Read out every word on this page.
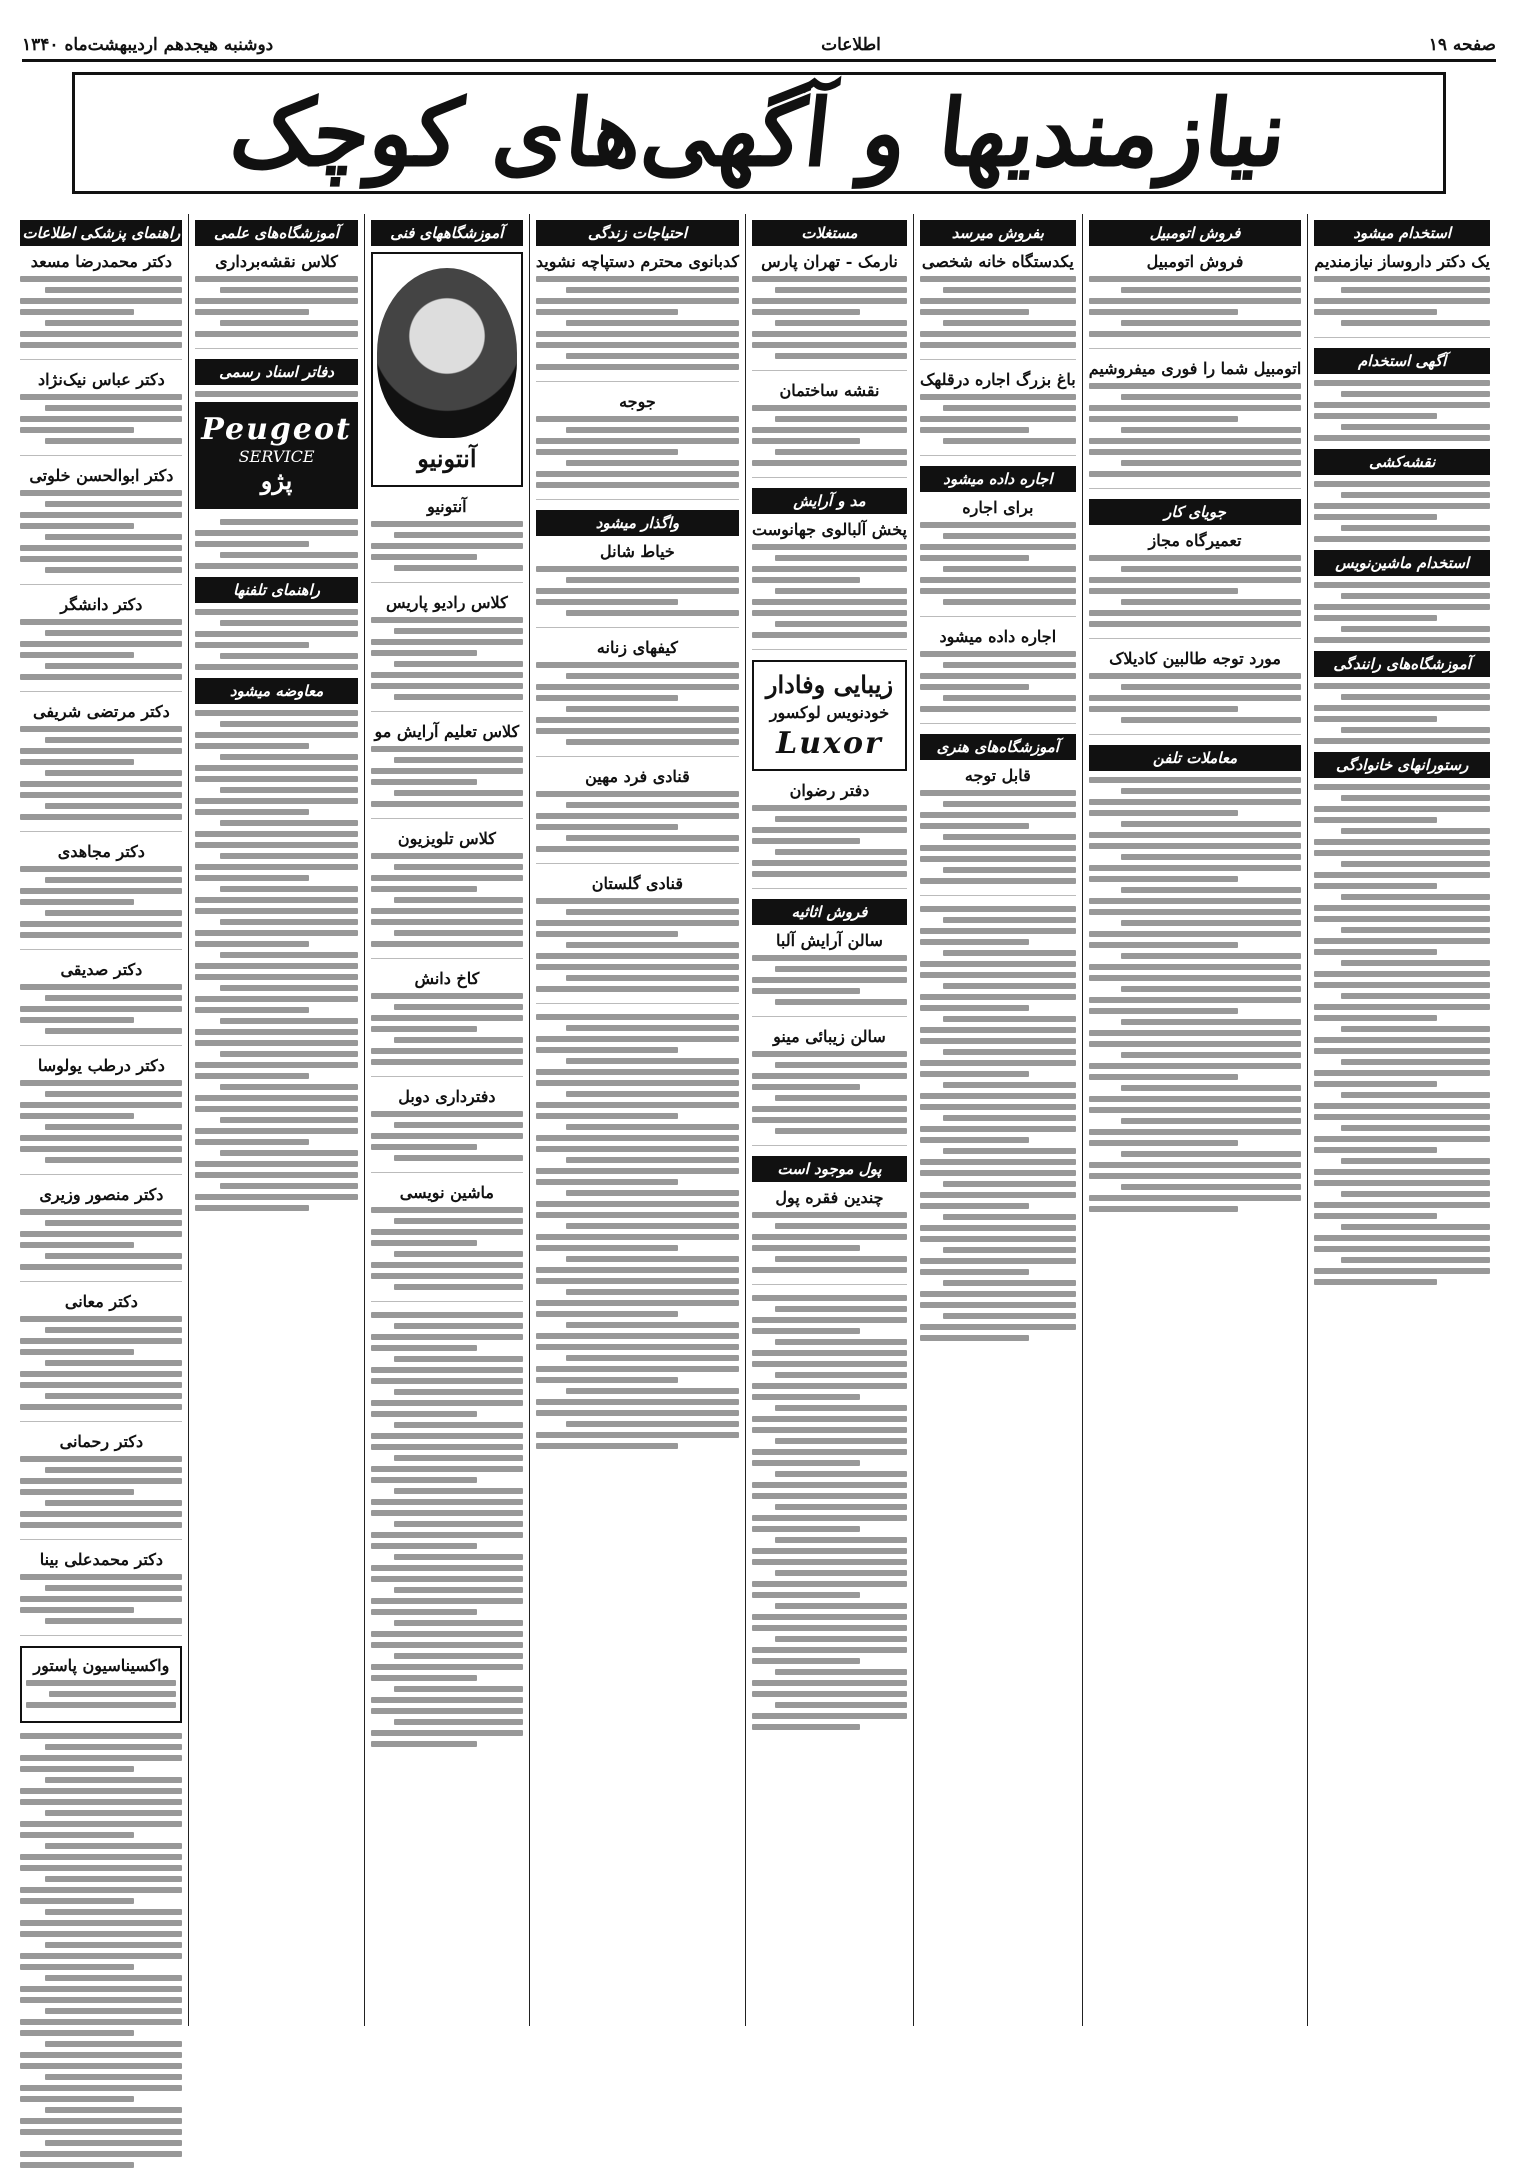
صفحه ۱۹
اطلاعات
دوشنبه هیجدهم اردیبهشت‌ماه ۱۳۴۰
نیازمندیها و آگهی‌های کوچک
استخدام میشود
یک دکتر داروساز نیازمندیم
آگهی استخدام
نقشه‌کشی
استخدام ماشین‌نویس
آموزشگاه‌های رانندگی
رستورانهای خانوادگی
فروش اتومبیل
فروش اتومبیل
اتومبیل شما را فوری میفروشیم
جویای کار
تعمیرگاه مجاز
مورد توجه طالبین کادیلاک
معاملات تلفن
بفروش میرسد
یکدستگاه خانه شخصی
باغ بزرگ اجاره درقلهک
اجاره داده میشود
برای اجاره
اجاره داده میشود
آموزشگاه‌های هنری
قابل توجه
مستغلات
نارمک - تهران پارس
نقشه ساختمان
مد و آرایش
پخش آلبالوی جهانوست
زیبایی وفادار
خودنویس لوکسور
Luxor
دفتر رضوان
فروش اثاثیه
سالن آرایش آلبا
سالن زیبائی مینو
پول موجود است
چندین فقره پول
احتیاجات زندگی
کدبانوی محترم دستپاچه نشوید
جوجه
واگذار میشود
خیاط شانل
کیفهای زنانه
قنادی فرد مهین
قنادی گلستان
آموزشگاههای فنی
آنتونیو
آنتونیو
کلاس رادیو پاریس
کلاس تعلیم آرایش مو
کلاس تلویزیون
کاخ دانش
دفترداری دوبل
ماشین نویسی
آموزشگاه‌های علمی
کلاس نقشه‌برداری
دفاتر اسناد رسمی
Peugeot
SERVICE
پژو
راهنمای تلفنها
معاوضه میشود
راهنمای پزشکی اطلاعات
دکتر محمدرضا مسعد
دکتر عباس نیک‌نژاد
دکتر ابوالحسن خلوتی
دکتر دانشگر
دکتر مرتضی شریفی
دکتر مجاهدی
دکتر صدیقی
دکتر درطب یولوسا
دکتر منصور وزیری
دکتر معانی
دکتر رحمانی
دکتر محمدعلی بینا
واکسیناسیون پاستور
